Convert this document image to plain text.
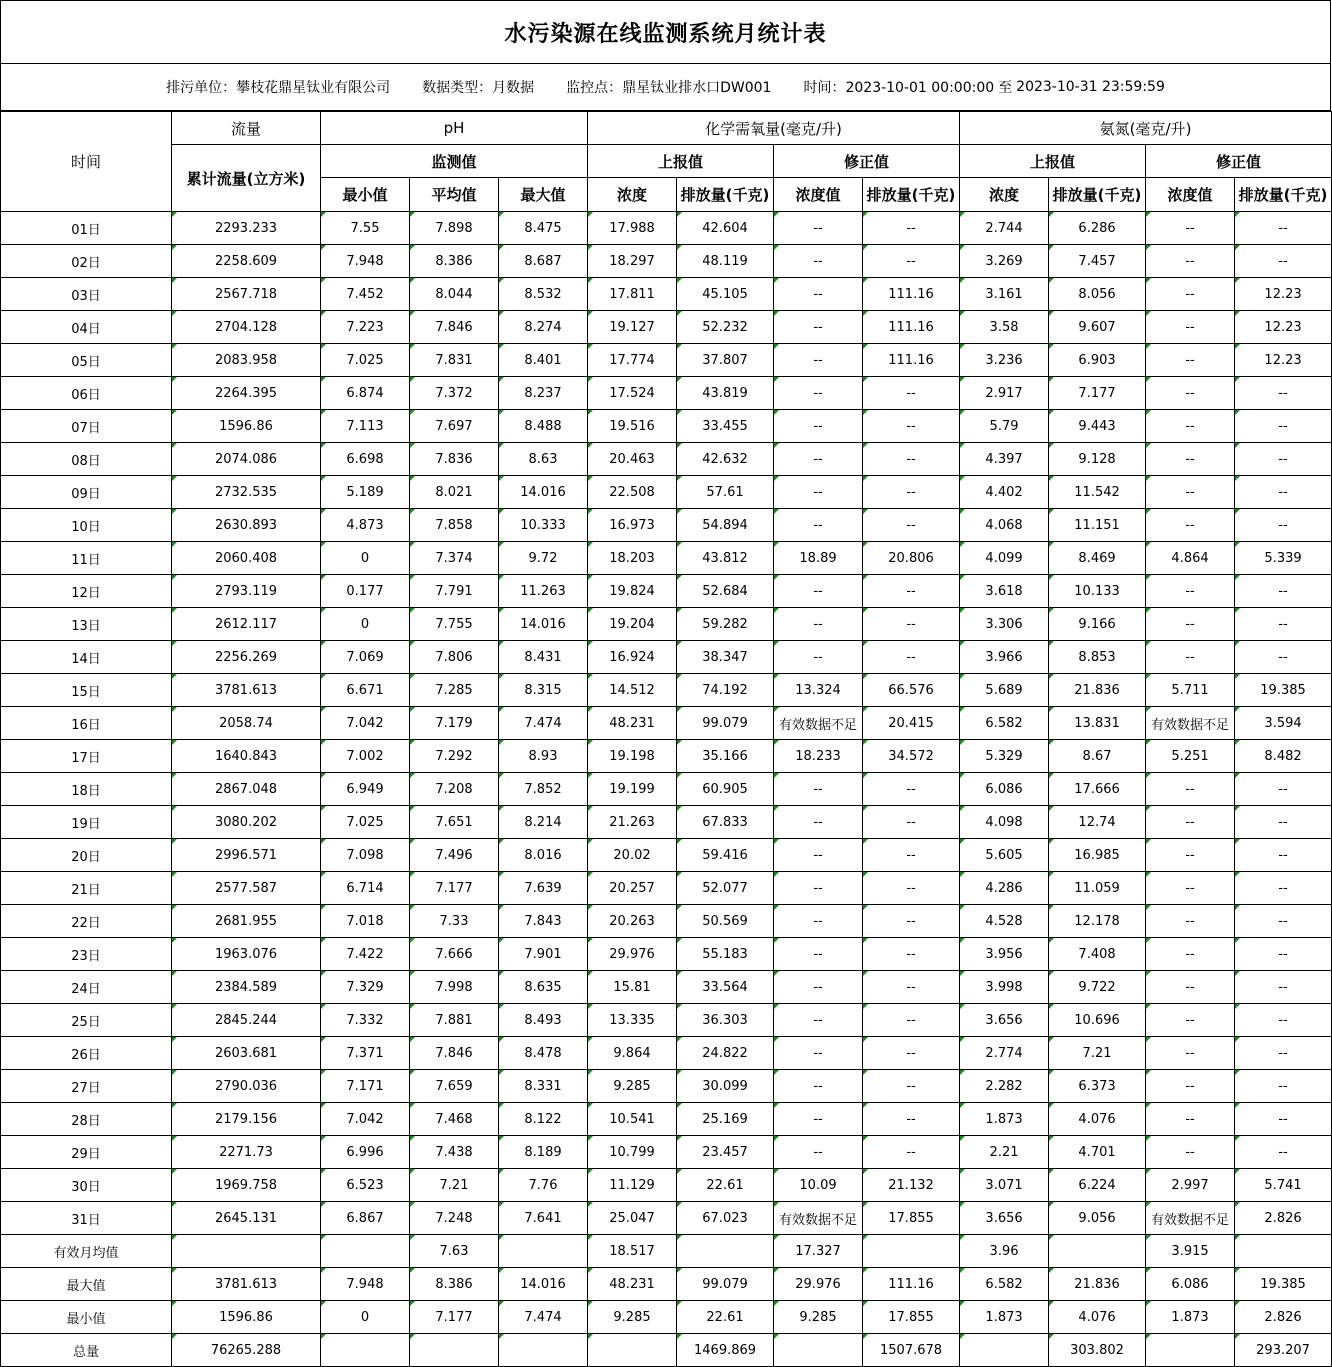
水污染源在线监测系统月统计表
排污单位：攀枝花鼎星钛业有限公司 数据类型：月数据 监控点：鼎星钛业排水口DW001 时间：2023-10-01 00:00:00 至 2023-10-31 23:59:59
时间	流量	pH			化学需氧量(毫克/升)				氨氮(毫克/升)			
	累计流量(立方米)	监测值			上报值		修正值		上报值		修正值	
		最小值	平均值	最大值	浓度	排放量(千克)	浓度值	排放量(千克)	浓度	排放量(千克)	浓度值	排放量(千克)
01日	2293.233	7.55	7.898	8.475	17.988	42.604	--	--	2.744	6.286	--	--
02日	2258.609	7.948	8.386	8.687	18.297	48.119	--	--	3.269	7.457	--	--
03日	2567.718	7.452	8.044	8.532	17.811	45.105	--	111.16	3.161	8.056	--	12.23
04日	2704.128	7.223	7.846	8.274	19.127	52.232	--	111.16	3.58	9.607	--	12.23
05日	2083.958	7.025	7.831	8.401	17.774	37.807	--	111.16	3.236	6.903	--	12.23
06日	2264.395	6.874	7.372	8.237	17.524	43.819	--	--	2.917	7.177	--	--
07日	1596.86	7.113	7.697	8.488	19.516	33.455	--	--	5.79	9.443	--	--
08日	2074.086	6.698	7.836	8.63	20.463	42.632	--	--	4.397	9.128	--	--
09日	2732.535	5.189	8.021	14.016	22.508	57.61	--	--	4.402	11.542	--	--
10日	2630.893	4.873	7.858	10.333	16.973	54.894	--	--	4.068	11.151	--	--
11日	2060.408	0	7.374	9.72	18.203	43.812	18.89	20.806	4.099	8.469	4.864	5.339
12日	2793.119	0.177	7.791	11.263	19.824	52.684	--	--	3.618	10.133	--	--
13日	2612.117	0	7.755	14.016	19.204	59.282	--	--	3.306	9.166	--	--
14日	2256.269	7.069	7.806	8.431	16.924	38.347	--	--	3.966	8.853	--	--
15日	3781.613	6.671	7.285	8.315	14.512	74.192	13.324	66.576	5.689	21.836	5.711	19.385
16日	2058.74	7.042	7.179	7.474	48.231	99.079	有效数据不足	20.415	6.582	13.831	有效数据不足	3.594
17日	1640.843	7.002	7.292	8.93	19.198	35.166	18.233	34.572	5.329	8.67	5.251	8.482
18日	2867.048	6.949	7.208	7.852	19.199	60.905	--	--	6.086	17.666	--	--
19日	3080.202	7.025	7.651	8.214	21.263	67.833	--	--	4.098	12.74	--	--
20日	2996.571	7.098	7.496	8.016	20.02	59.416	--	--	5.605	16.985	--	--
21日	2577.587	6.714	7.177	7.639	20.257	52.077	--	--	4.286	11.059	--	--
22日	2681.955	7.018	7.33	7.843	20.263	50.569	--	--	4.528	12.178	--	--
23日	1963.076	7.422	7.666	7.901	29.976	55.183	--	--	3.956	7.408	--	--
24日	2384.589	7.329	7.998	8.635	15.81	33.564	--	--	3.998	9.722	--	--
25日	2845.244	7.332	7.881	8.493	13.335	36.303	--	--	3.656	10.696	--	--
26日	2603.681	7.371	7.846	8.478	9.864	24.822	--	--	2.774	7.21	--	--
27日	2790.036	7.171	7.659	8.331	9.285	30.099	--	--	2.282	6.373	--	--
28日	2179.156	7.042	7.468	8.122	10.541	25.169	--	--	1.873	4.076	--	--
29日	2271.73	6.996	7.438	8.189	10.799	23.457	--	--	2.21	4.701	--	--
30日	1969.758	6.523	7.21	7.76	11.129	22.61	10.09	21.132	3.071	6.224	2.997	5.741
31日	2645.131	6.867	7.248	7.641	25.047	67.023	有效数据不足	17.855	3.656	9.056	有效数据不足	2.826
有效月均值			7.63		18.517		17.327		3.96		3.915	
最大值	3781.613	7.948	8.386	14.016	48.231	99.079	29.976	111.16	6.582	21.836	6.086	19.385
最小值	1596.86	0	7.177	7.474	9.285	22.61	9.285	17.855	1.873	4.076	1.873	2.826
总量	76265.288					1469.869		1507.678		303.802		293.207
